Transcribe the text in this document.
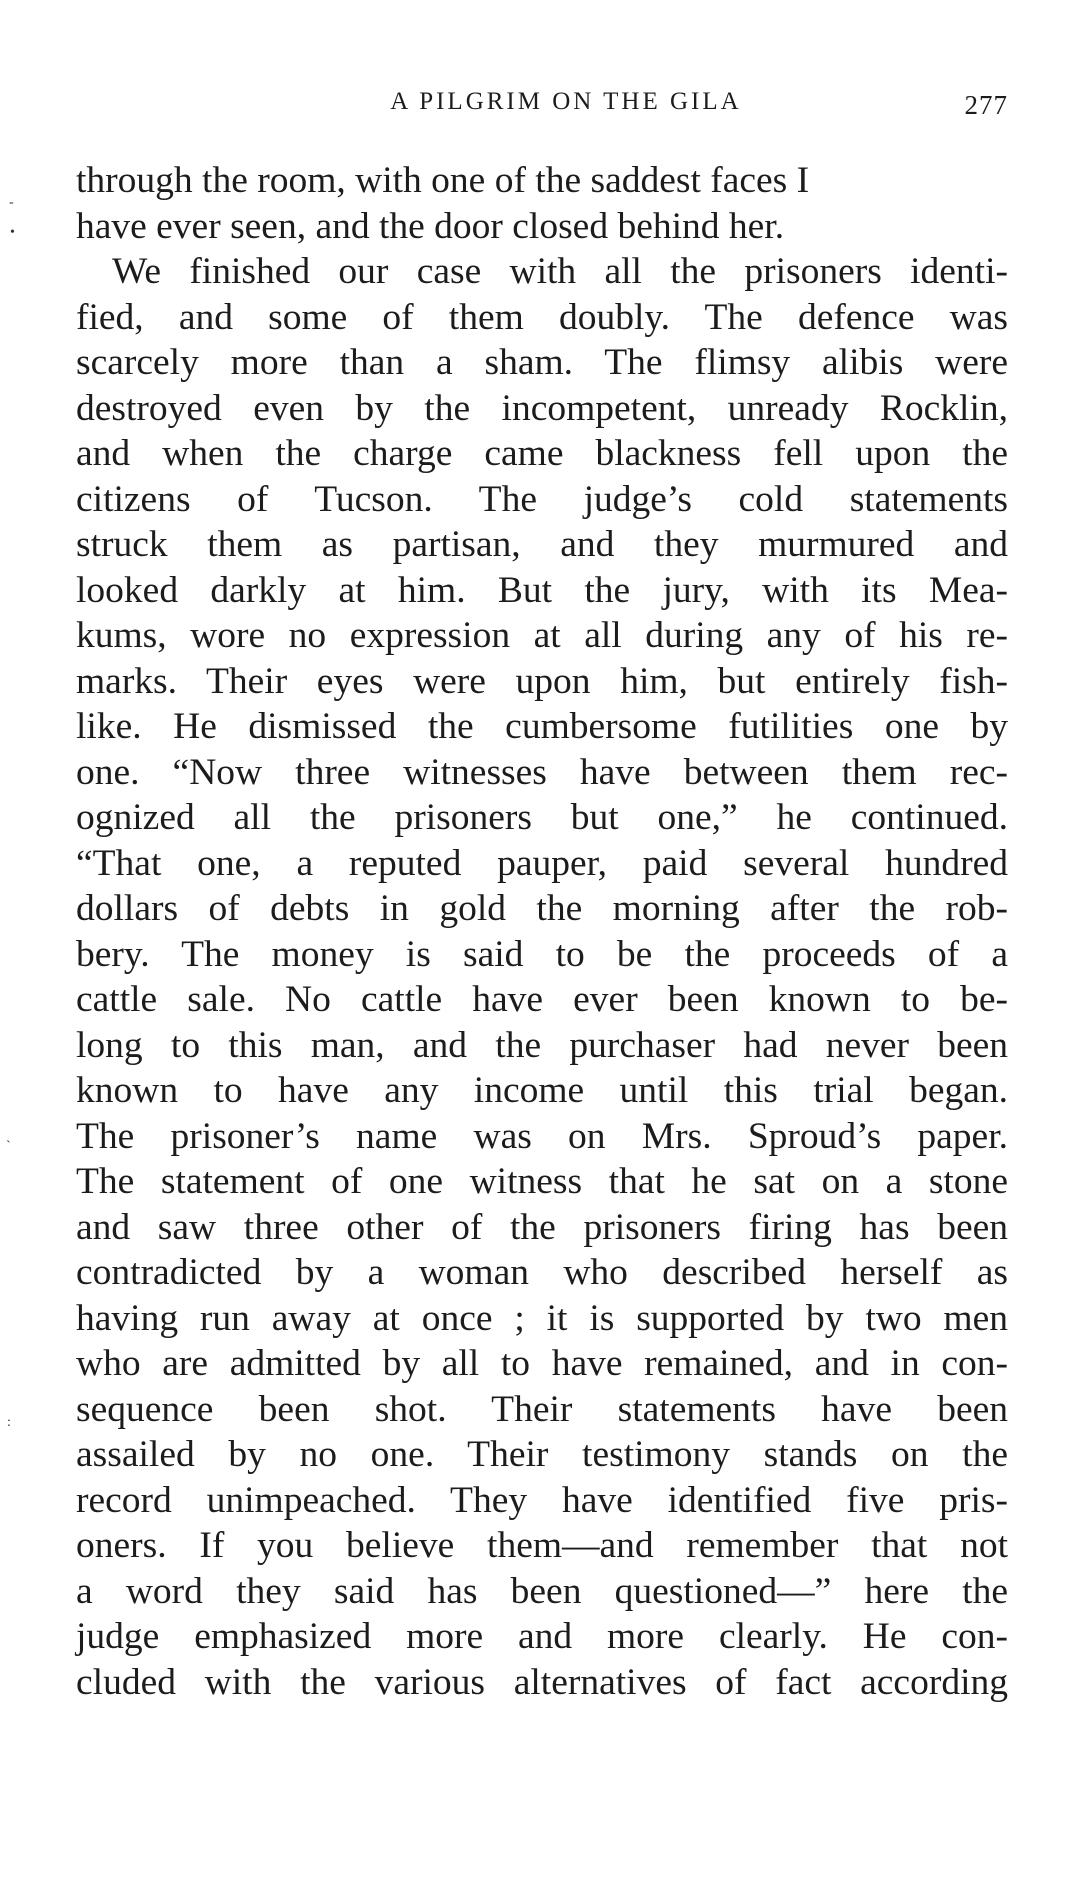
A PILGRIM ON THE GILA	277
-
•
ˋ
:
through the room, with one of the saddest faces I
have ever seen, and the door closed behind her.
We finished our case with all the prisoners identi-
fied, and some of them doubly. The defence was
scarcely more than a sham. The flimsy alibis were
destroyed even by the incompetent, unready Rocklin,
and when the charge came blackness fell upon the
citizens of Tucson. The judge’s cold statements
struck them as partisan, and they murmured and
looked darkly at him. But the jury, with its Mea-
kums, wore no expression at all during any of his re-
marks. Their eyes were upon him, but entirely fish-
like. He dismissed the cumbersome futilities one by
one. “Now three witnesses have between them rec-
ognized all the prisoners but one,” he continued.
“That one, a reputed pauper, paid several hundred
dollars of debts in gold the morning after the rob-
bery. The money is said to be the proceeds of a
cattle sale. No cattle have ever been known to be-
long to this man, and the purchaser had never been
known to have any income until this trial began.
The prisoner’s name was on Mrs. Sproud’s paper.
The statement of one witness that he sat on a stone
and saw three other of the prisoners firing has been
contradicted by a woman who described herself as
having run away at once ; it is supported by two men
who are admitted by all to have remained, and in con-
sequence been shot. Their statements have been
assailed by no one. Their testimony stands on the
record unimpeached. They have identified five pris-
oners. If you believe them—and remember that not
a word they said has been questioned—” here the
judge emphasized more and more clearly. He con-
cluded with the various alternatives of fact according
